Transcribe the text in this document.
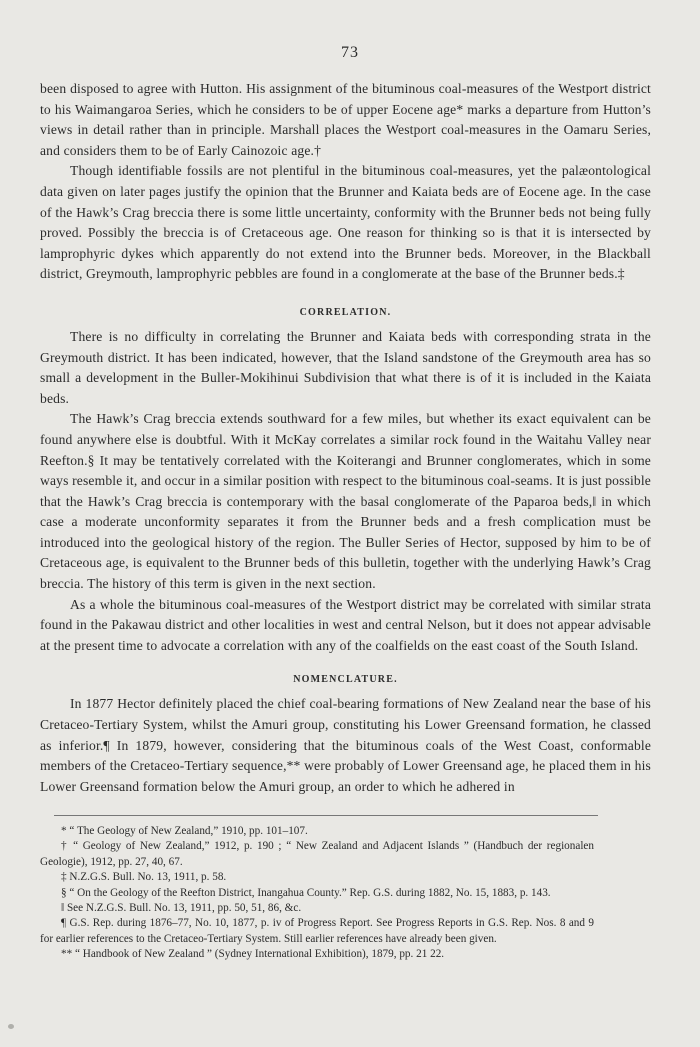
73

been disposed to agree with Hutton. His assignment of the bituminous coal-measures of the Westport district to his Waimangaroa Series, which he considers to be of upper Eocene age* marks a departure from Hutton’s views in detail rather than in principle. Marshall places the Westport coal-measures in the Oamaru Series, and considers them to be of Early Cainozoic age.†

Though identifiable fossils are not plentiful in the bituminous coal-measures, yet the palæontological data given on later pages justify the opinion that the Brunner and Kaiata beds are of Eocene age. In the case of the Hawk’s Crag breccia there is some little uncertainty, conformity with the Brunner beds not being fully proved. Possibly the breccia is of Cretaceous age. One reason for thinking so is that it is intersected by lamprophyric dykes which apparently do not extend into the Brunner beds. Moreover, in the Blackball district, Greymouth, lamprophyric pebbles are found in a conglomerate at the base of the Brunner beds.‡

CORRELATION.

There is no difficulty in correlating the Brunner and Kaiata beds with corresponding strata in the Greymouth district. It has been indicated, however, that the Island sandstone of the Greymouth area has so small a development in the Buller-Mokihinui Subdivision that what there is of it is included in the Kaiata beds.

The Hawk’s Crag breccia extends southward for a few miles, but whether its exact equivalent can be found anywhere else is doubtful. With it McKay correlates a similar rock found in the Waitahu Valley near Reefton.§ It may be tentatively correlated with the Koiterangi and Brunner conglomerates, which in some ways resemble it, and occur in a similar position with respect to the bituminous coal-seams. It is just possible that the Hawk’s Crag breccia is contemporary with the basal conglomerate of the Paparoa beds,‖ in which case a moderate unconformity separates it from the Brunner beds and a fresh complication must be introduced into the geological history of the region. The Buller Series of Hector, supposed by him to be of Cretaceous age, is equivalent to the Brunner beds of this bulletin, together with the underlying Hawk’s Crag breccia. The history of this term is given in the next section.

As a whole the bituminous coal-measures of the Westport district may be correlated with similar strata found in the Pakawau district and other localities in west and central Nelson, but it does not appear advisable at the present time to advocate a correlation with any of the coalfields on the east coast of the South Island.

NOMENCLATURE.

In 1877 Hector definitely placed the chief coal-bearing formations of New Zealand near the base of his Cretaceo-Tertiary System, whilst the Amuri group, constituting his Lower Greensand formation, he classed as inferior.¶ In 1879, however, considering that the bituminous coals of the West Coast, conformable members of the Cretaceo-Tertiary sequence,** were probably of Lower Greensand age, he placed them in his Lower Greensand formation below the Amuri group, an order to which he adhered in

* “ The Geology of New Zealand,” 1910, pp. 101–107.

† “ Geology of New Zealand,” 1912, p. 190 ; “ New Zealand and Adjacent Islands ” (Handbuch der regionalen Geologie), 1912, pp. 27, 40, 67.

‡ N.Z.G.S. Bull. No. 13, 1911, p. 58.

§ “ On the Geology of the Reefton District, Inangahua County.” Rep. G.S. during 1882, No. 15, 1883, p. 143.

‖ See N.Z.G.S. Bull. No. 13, 1911, pp. 50, 51, 86, &c.

¶ G.S. Rep. during 1876–77, No. 10, 1877, p. iv of Progress Report. See Progress Reports in G.S. Rep. Nos. 8 and 9 for earlier references to the Cretaceo-Tertiary System. Still earlier references have already been given.

** “ Handbook of New Zealand ” (Sydney International Exhibition), 1879, pp. 21 22.
